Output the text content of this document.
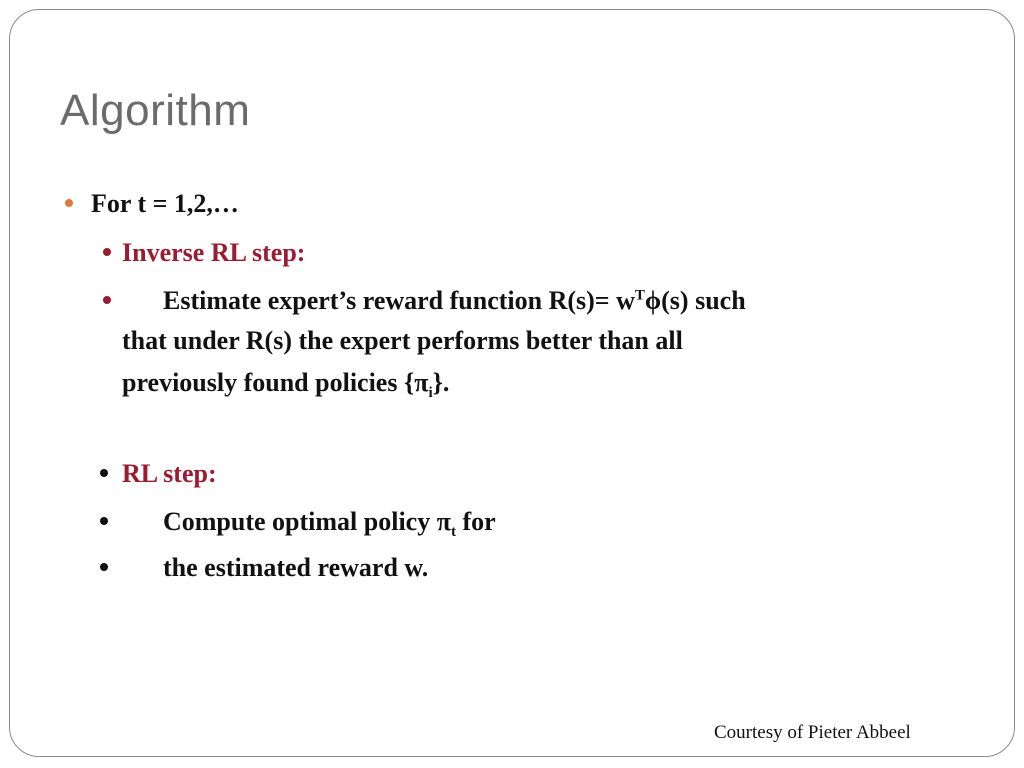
Algorithm
For t = 1,2,…
Inverse RL step:
Estimate expert’s reward function $R(s)= w^T\phi(s)$ such
that under R(s) the expert performs better than all
previously found policies $\{\pi_i\}$.
RL step:
Compute optimal policy $\pi_t$ for
the estimated reward w.
Courtesy of Pieter Abbeel
